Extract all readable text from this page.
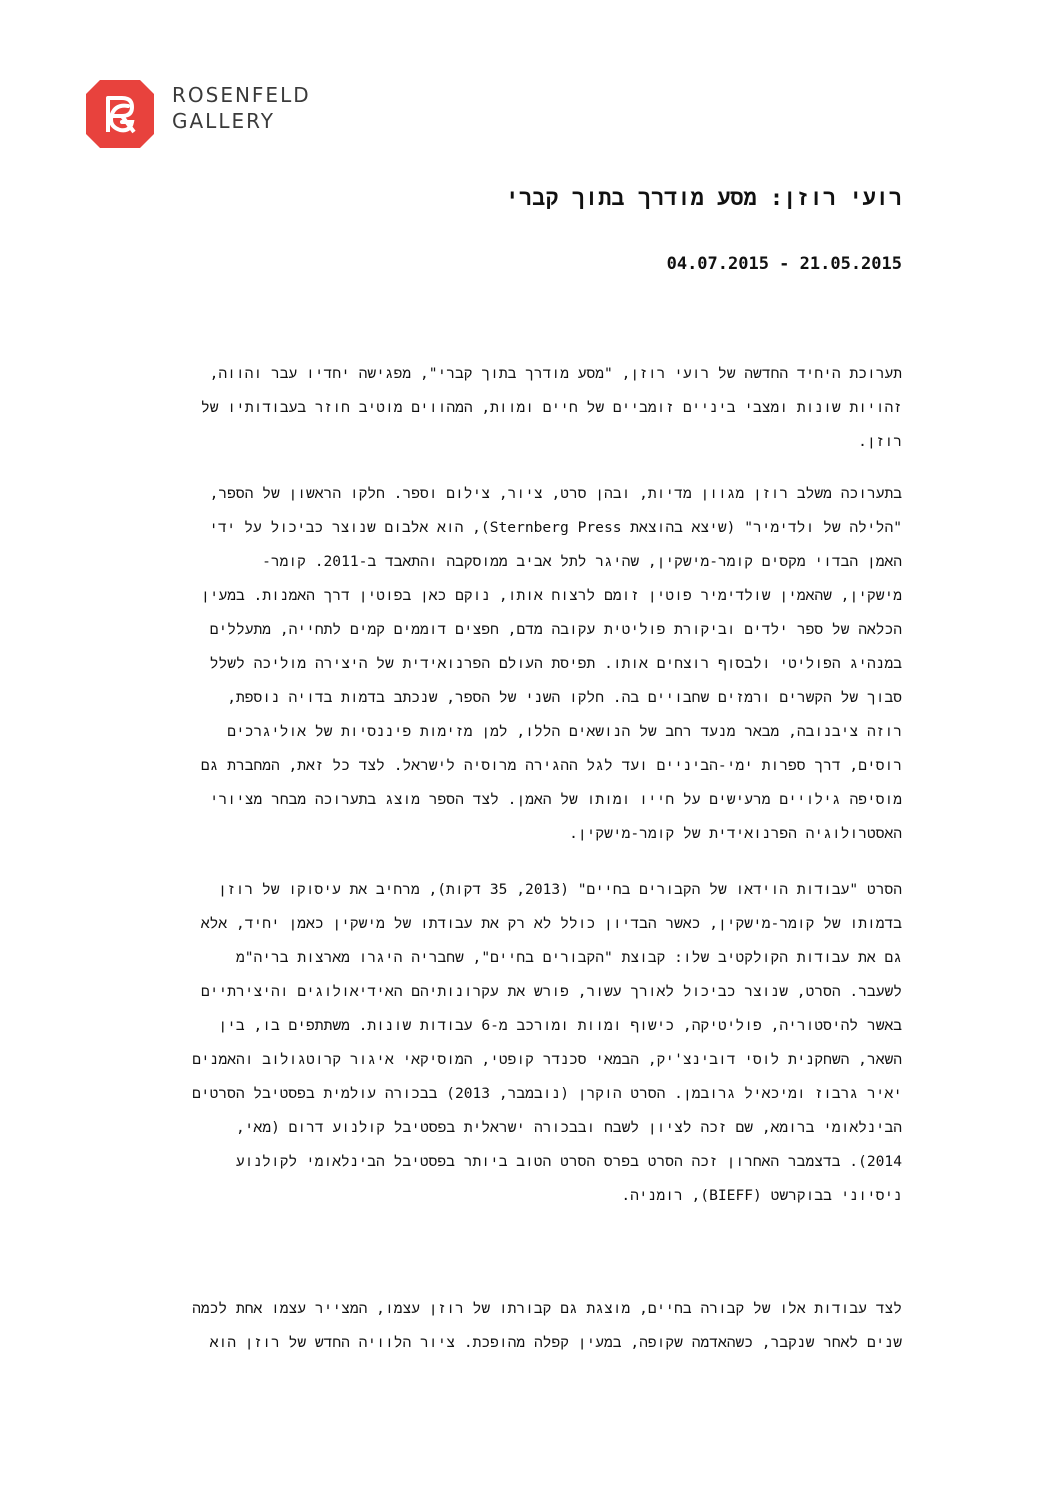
ROSENFELD
GALLERY
רועי רוזן: מסע מודרך בתוך קברי
04.07.2015 - 21.05.2015
תערוכת היחיד החדשה של רועי רוזן, "מסע מודרך בתוך קברי", מפגישה יחדיו עבר והווה,
זהויות שונות ומצבי ביניים זומביים של חיים ומוות, המהווים מוטיב חוזר בעבודותיו של
רוזן.
בתערוכה משלב רוזן מגוון מדיות, ובהן סרט, ציור, צילום וספר. חלקו הראשון של הספר,
"הלילה של ולדימיר" (שיצא בהוצאת Sternberg Press), הוא אלבום שנוצר כביכול על ידי
האמן הבדוי מקסים קומר-מישקין, שהיגר לתל אביב ממוסקבה והתאבד ב-2011. קומר-
מישקין, שהאמין שולדימיר פוטין זומם לרצוח אותו, נוקם כאן בפוטין דרך האמנות. במעין
הכלאה של ספר ילדים וביקורת פוליטית עקובה מדם, חפצים דוממים קמים לתחייה, מתעללים
במנהיג הפוליטי ולבסוף רוצחים אותו. תפיסת העולם הפרנואידית של היצירה מוליכה לשלל
סבוך של הקשרים ורמזים שחבויים בה. חלקו השני של הספר, שנכתב בדמות בדויה נוספת,
רוזה ציבנובה, מבאר מנעד רחב של הנושאים הללו, למן מזימות פיננסיות של אוליגרכים
רוסים, דרך ספרות ימי-הביניים ועד לגל ההגירה מרוסיה לישראל. לצד כל זאת, המחברת גם
מוסיפה גילויים מרעישים על חייו ומותו של האמן. לצד הספר מוצג בתערוכה מבחר מציורי
האסטרולוגיה הפרנואידית של קומר-מישקין.
הסרט "עבודות הוידאו של הקבורים בחיים" (2013, 35 דקות), מרחיב את עיסוקו של רוזן
בדמותו של קומר-מישקין, כאשר הבדיון כולל לא רק את עבודתו של מישקין כאמן יחיד, אלא
גם את עבודות הקולקטיב שלו: קבוצת "הקבורים בחיים", שחבריה היגרו מארצות בריה"מ
לשעבר. הסרט, שנוצר כביכול לאורך עשור, פורש את עקרונותיהם האידיאולוגים והיצירתיים
באשר להיסטוריה, פוליטיקה, כישוף ומוות ומורכב מ-6 עבודות שונות. משתתפים בו, בין
השאר, השחקנית לוסי דובינצ'יק, הבמאי סכנדר קופטי, המוסיקאי איגור קרוטגולוב והאמנים
יאיר גרבוז ומיכאיל גרובמן. הסרט הוקרן (נובמבר, 2013) בבכורה עולמית בפסטיבל הסרטים
הבינלאומי ברומא, שם זכה לציון לשבח ובבכורה ישראלית בפסטיבל קולנוע דרום (מאי,
2014). בדצמבר האחרון זכה הסרט בפרס הסרט הטוב ביותר בפסטיבל הבינלאומי לקולנוע
ניסיוני בבוקרשט (BIEFF), רומניה.
לצד עבודות אלו של קבורה בחיים, מוצגת גם קבורתו של רוזן עצמו, המצייר עצמו אחת לכמה
שנים לאחר שנקבר, כשהאדמה שקופה, במעין קפלה מהופכת. ציור הלוויה החדש של רוזן הוא
